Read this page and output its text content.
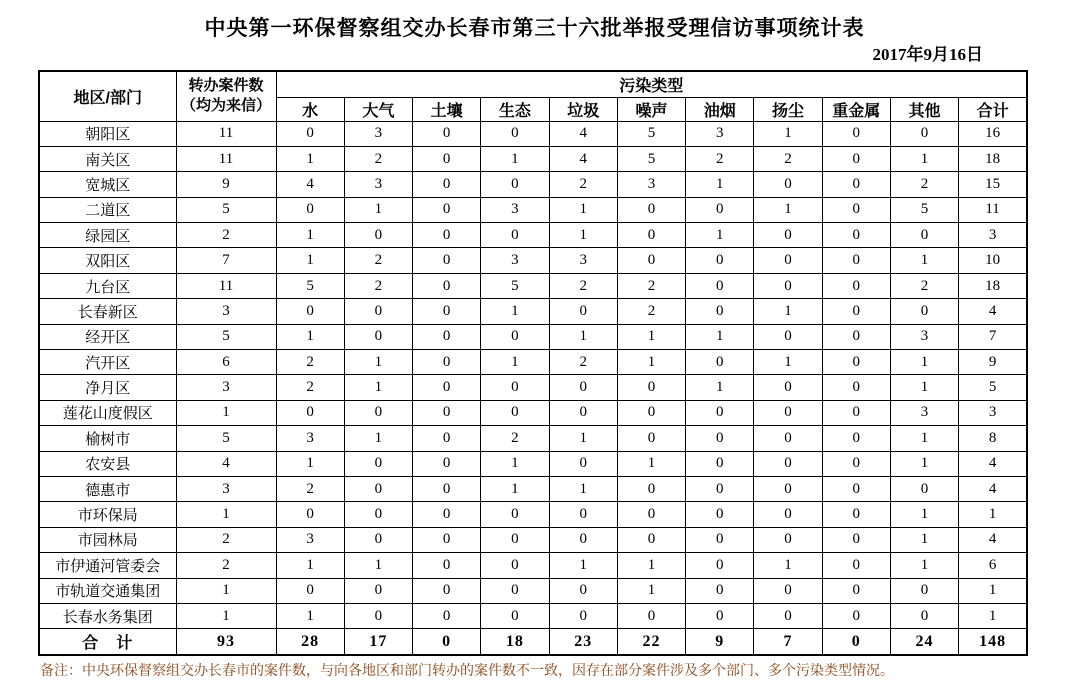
中央第一环保督察组交办长春市第三十六批举报受理信访事项统计表
2017年9月16日
地区/部门	转办案件数
（均为来信）	污染类型										
		水	大气	土壤	生态	垃圾	噪声	油烟	扬尘	重金属	其他	合计
朝阳区	11	0	3	0	0	4	5	3	1	0	0	16
南关区	11	1	2	0	1	4	5	2	2	0	1	18
宽城区	9	4	3	0	0	2	3	1	0	0	2	15
二道区	5	0	1	0	3	1	0	0	1	0	5	11
绿园区	2	1	0	0	0	1	0	1	0	0	0	3
双阳区	7	1	2	0	3	3	0	0	0	0	1	10
九台区	11	5	2	0	5	2	2	0	0	0	2	18
长春新区	3	0	0	0	1	0	2	0	1	0	0	4
经开区	5	1	0	0	0	1	1	1	0	0	3	7
汽开区	6	2	1	0	1	2	1	0	1	0	1	9
净月区	3	2	1	0	0	0	0	1	0	0	1	5
莲花山度假区	1	0	0	0	0	0	0	0	0	0	3	3
榆树市	5	3	1	0	2	1	0	0	0	0	1	8
农安县	4	1	0	0	1	0	1	0	0	0	1	4
德惠市	3	2	0	0	1	1	0	0	0	0	0	4
市环保局	1	0	0	0	0	0	0	0	0	0	1	1
市园林局	2	3	0	0	0	0	0	0	0	0	1	4
市伊通河管委会	2	1	1	0	0	1	1	0	1	0	1	6
市轨道交通集团	1	0	0	0	0	0	1	0	0	0	0	1
长春水务集团	1	1	0	0	0	0	0	0	0	0	0	1
合　计	93	28	17	0	18	23	22	9	7	0	24	148
备注：中央环保督察组交办长春市的案件数，与向各地区和部门转办的案件数不一致，因存在部分案件涉及多个部门、多个污染类型情况。
